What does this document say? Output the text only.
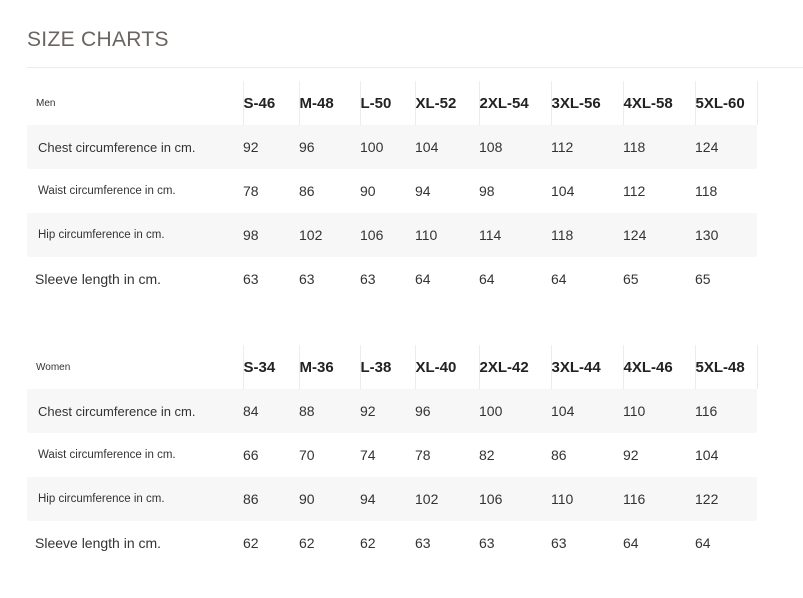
SIZE CHARTS
Men	S-46	M-48	L-50	XL-52	2XL-54	3XL-56	4XL-58	5XL-60
Chest circumference in cm.	92	96	100	104	108	112	118	124
Waist circumference in cm.	78	86	90	94	98	104	112	118
Hip circumference in cm.	98	102	106	110	114	118	124	130
Sleeve length in cm.	63	63	63	64	64	64	65	65
Women	S-34	M-36	L-38	XL-40	2XL-42	3XL-44	4XL-46	5XL-48
Chest circumference in cm.	84	88	92	96	100	104	110	116
Waist circumference in cm.	66	70	74	78	82	86	92	104
Hip circumference in cm.	86	90	94	102	106	110	116	122
Sleeve length in cm.	62	62	62	63	63	63	64	64
